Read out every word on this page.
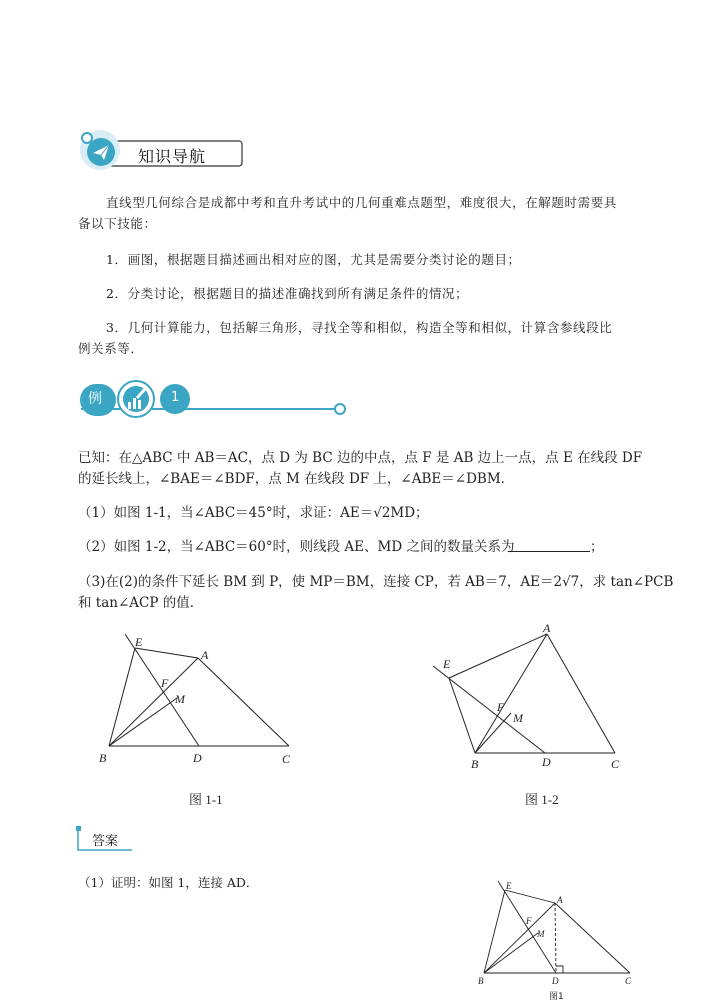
知识导航
直线型几何综合是成都中考和直升考试中的几何重难点题型，难度很大，在解题时需要具
备以下技能：
1．画图，根据题目描述画出相对应的图，尤其是需要分类讨论的题目；
2．分类讨论，根据题目的描述准确找到所有满足条件的情况；
3．几何计算能力，包括解三角形，寻找全等和相似，构造全等和相似，计算含参线段比
例关系等．
例	1
已知：在△ABC 中 AB＝AC，点 D 为 BC 边的中点，点 F 是 AB 边上一点，点 E 在线段 DF
的延长线上，∠BAE＝∠BDF，点 M 在线段 DF 上，∠ABE＝∠DBM．
（1）如图 1-1，当∠ABC＝45°时，求证：AE＝√2MD；
（2）如图 1-2，当∠ABC＝60°时，则线段 AE、MD 之间的数量关系为	；
（3)在(2)的条件下延长 BM 到 P，使 MP＝BM，连接 CP，若 AB＝7，AE＝2√7，求 tan∠PCB
和 tan∠ACP 的值．
E
A
F
M
B	D	C
图 1-1
A
E
F
M
B	D	C
图 1-2
答案
（1）证明：如图 1，连接 AD．	E
A
F
M
B	D	C
图1
